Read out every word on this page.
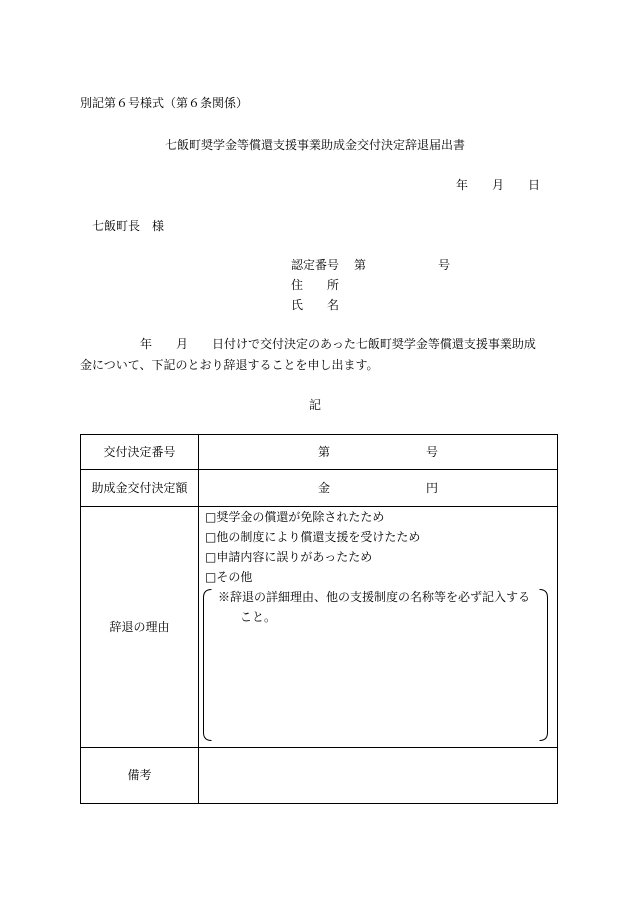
別記第６号様式（第６条関係）
七飯町奨学金等償還支援事業助成金交付決定辞退届出書
年　　月　　日
七飯町長　様
認定番号 第　　　　　　号
住　　所
氏　　名
年　　月　　日付けで交付決定のあった七飯町奨学金等償還支援事業助成
金について、下記のとおり辞退することを申し出ます。
記
交付決定番号	第　　　　　　　　号
助成金交付決定額	金　　　　　　　　円
辞退の理由
□奨学金の償還が免除されたため
□他の制度により償還支援を受けたため
□申請内容に誤りがあったため
□その他
※辞退の詳細理由、他の支援制度の名称等を必ず記入する
こと。
備考
